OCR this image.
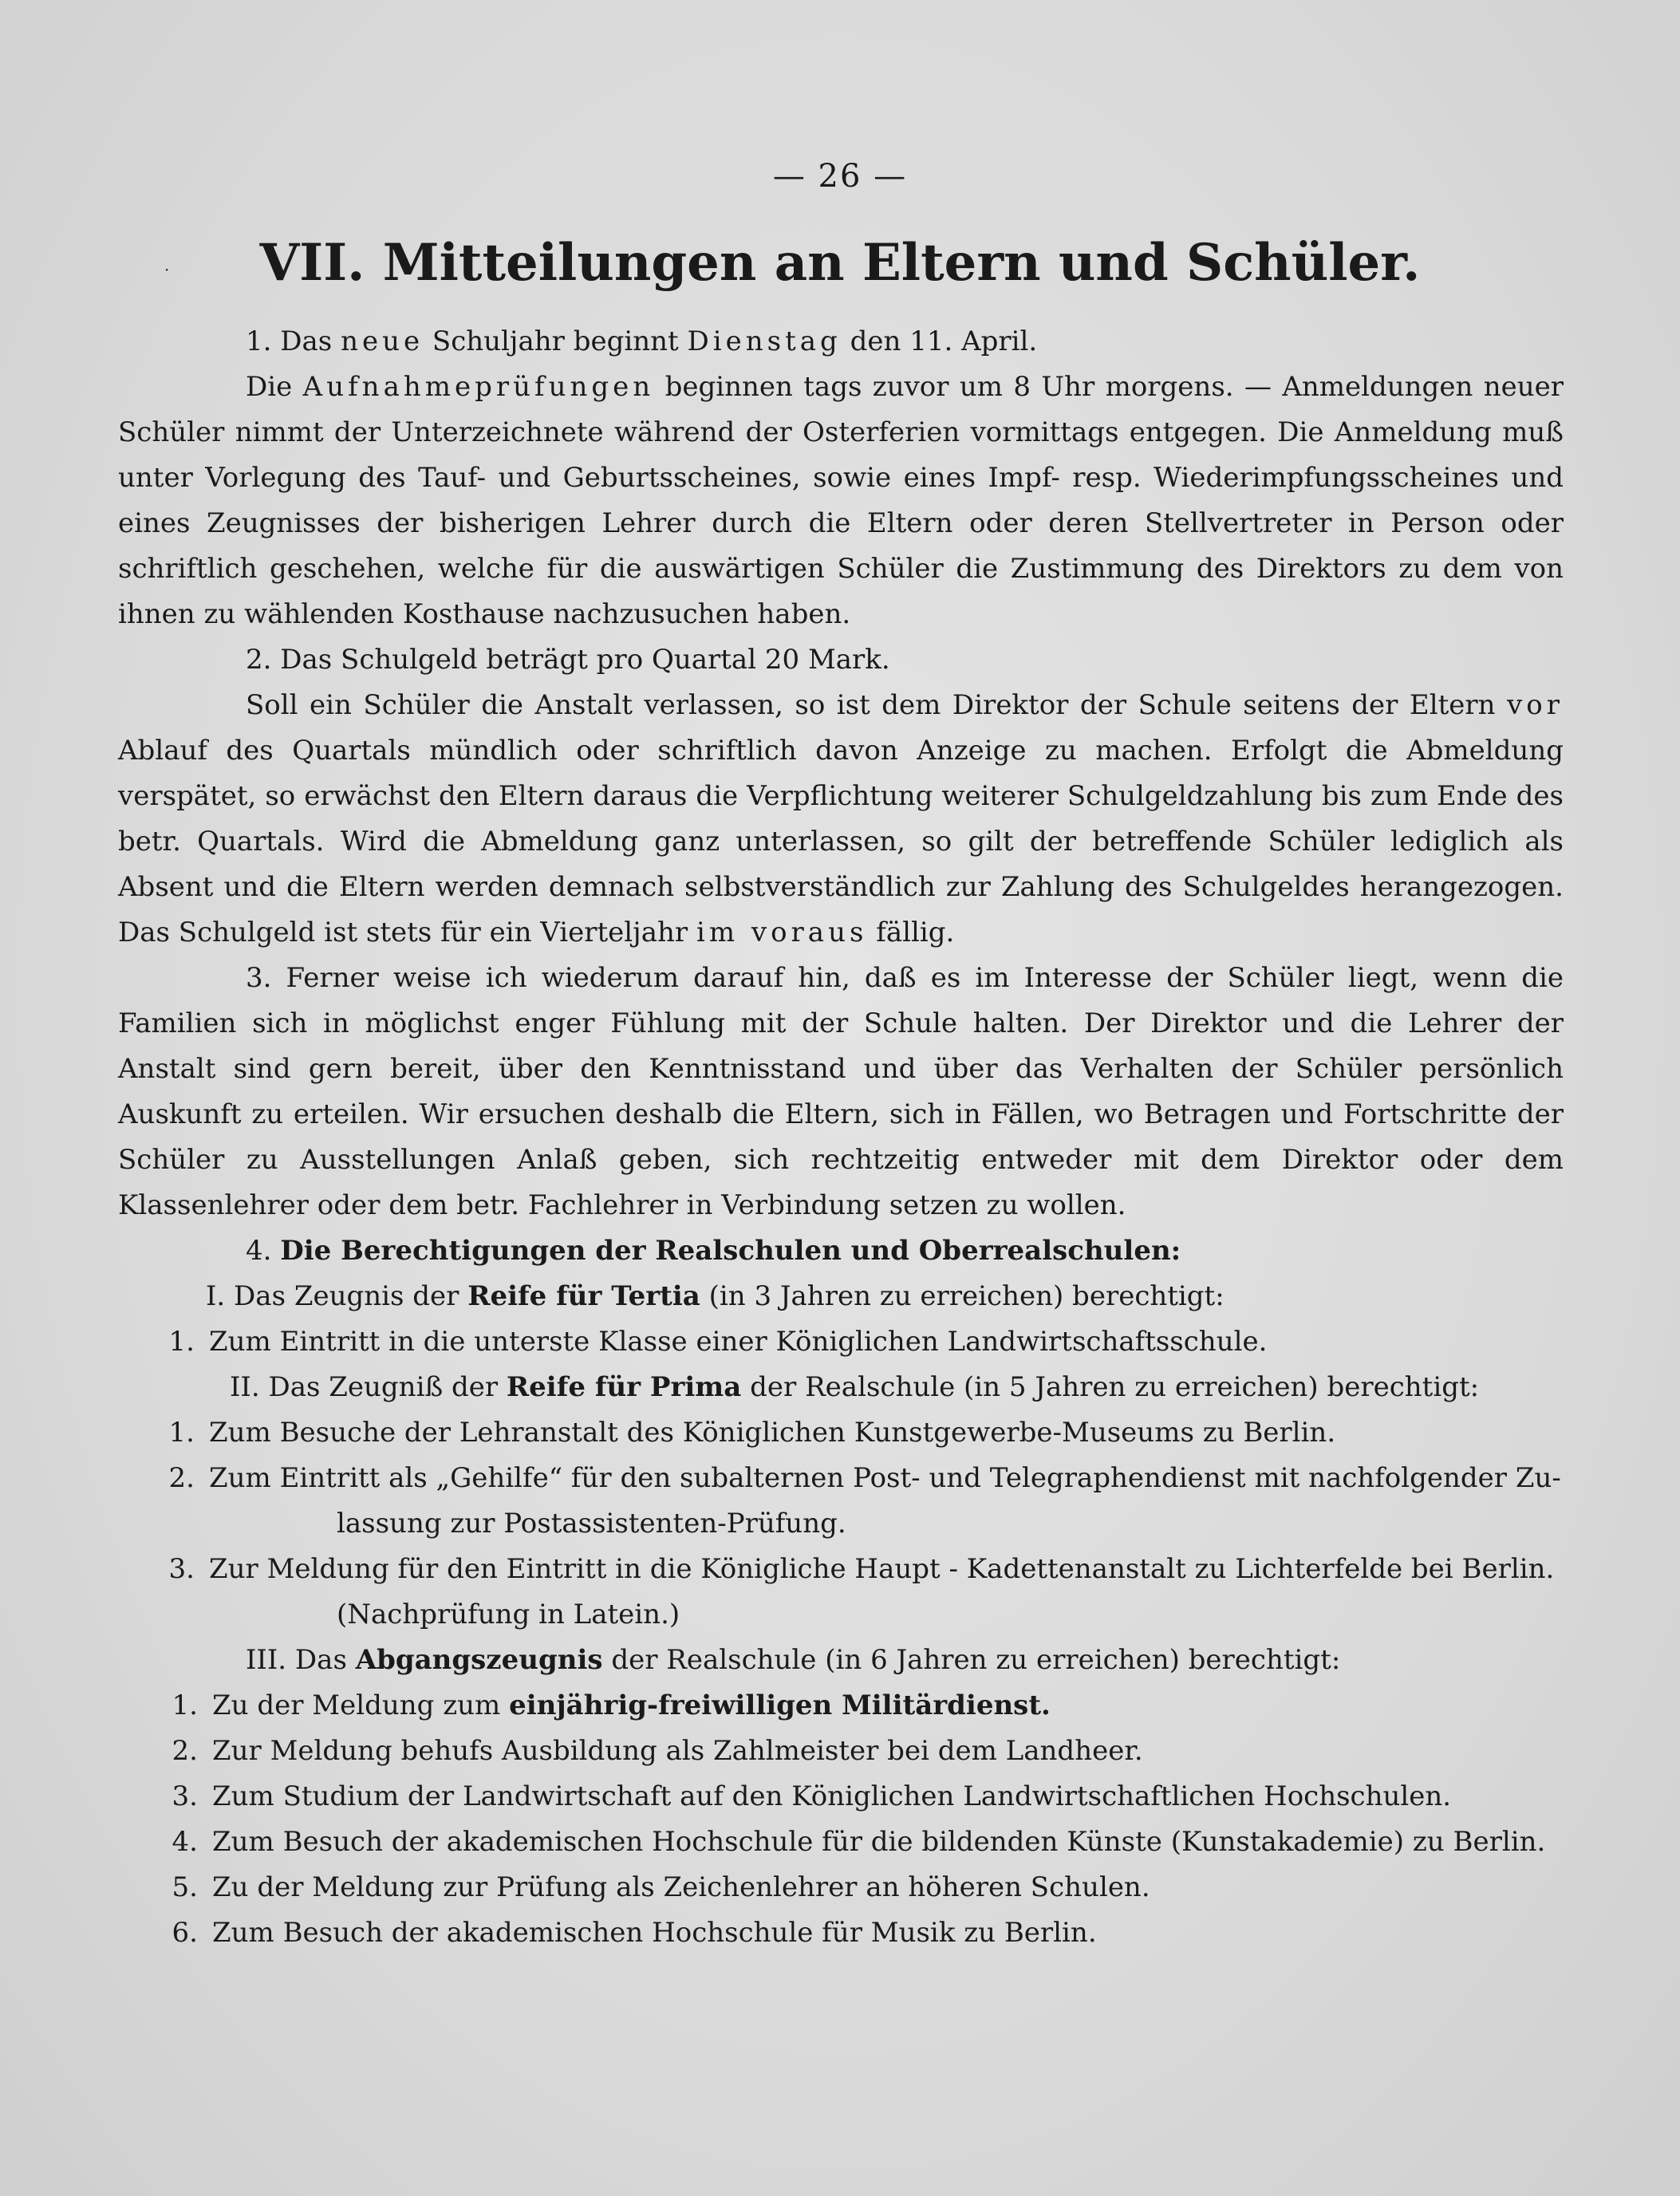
— 26 —
·	VII. Mitteilungen an Eltern und Schüler.

1. Das neue Schuljahr beginnt Dienstag den 11. April.

Die Aufnahmeprüfungen beginnen tags zuvor um 8 Uhr morgens. — Anmeldungen neuer Schüler nimmt der Unterzeichnete während der Osterferien vormittags entgegen. Die Anmeldung muß unter Vorlegung des Tauf- und Geburtsscheines, sowie eines Impf- resp. Wiederimpfungsscheines und eines Zeugnisses der bisherigen Lehrer durch die Eltern oder deren Stellvertreter in Person oder schriftlich geschehen, welche für die auswärtigen Schüler die Zustimmung des Direktors zu dem von ihnen zu wählenden Kosthause nachzusuchen haben.

2. Das Schulgeld beträgt pro Quartal 20 Mark.

Soll ein Schüler die Anstalt verlassen, so ist dem Direktor der Schule seitens der Eltern vor Ablauf des Quartals mündlich oder schriftlich davon Anzeige zu machen. Erfolgt die Abmeldung verspätet, so erwächst den Eltern daraus die Verpflichtung weiterer Schulgeldzahlung bis zum Ende des betr. Quartals. Wird die Abmeldung ganz unterlassen, so gilt der betreffende Schüler lediglich als Absent und die Eltern werden demnach selbstverständlich zur Zahlung des Schulgeldes herangezogen. Das Schulgeld ist stets für ein Vierteljahr im voraus fällig.

3. Ferner weise ich wiederum darauf hin, daß es im Interesse der Schüler liegt, wenn die Familien sich in möglichst enger Fühlung mit der Schule halten. Der Direktor und die Lehrer der Anstalt sind gern bereit, über den Kenntnisstand und über das Verhalten der Schüler persönlich Auskunft zu erteilen. Wir ersuchen deshalb die Eltern, sich in Fällen, wo Betragen und Fortschritte der Schüler zu Ausstellungen Anlaß geben, sich rechtzeitig entweder mit dem Direktor oder dem Klassenlehrer oder dem betr. Fachlehrer in Verbindung setzen zu wollen.

4. Die Berechtigungen der Realschulen und Oberrealschulen:

I. Das Zeugnis der Reife für Tertia (in 3 Jahren zu erreichen) berechtigt:

1. Zum Eintritt in die unterste Klasse einer Königlichen Landwirtschaftsschule.

II. Das Zeugniß der Reife für Prima der Realschule (in 5 Jahren zu erreichen) berechtigt:

1. Zum Besuche der Lehranstalt des Königlichen Kunstgewerbe-Museums zu Berlin.
2. Zum Eintritt als „Gehilfe“ für den subalternen Post- und Telegraphendienst mit nachfolgender Zu-
lassung zur Postassistenten-Prüfung.
3. Zur Meldung für den Eintritt in die Königliche Haupt - Kadettenanstalt zu Lichterfelde bei Berlin.
(Nachprüfung in Latein.)

III. Das Abgangszeugnis der Realschule (in 6 Jahren zu erreichen) berechtigt:

1. Zu der Meldung zum einjährig-freiwilligen Militärdienst.
2. Zur Meldung behufs Ausbildung als Zahlmeister bei dem Landheer.
3. Zum Studium der Landwirtschaft auf den Königlichen Landwirtschaftlichen Hochschulen.
4. Zum Besuch der akademischen Hochschule für die bildenden Künste (Kunstakademie) zu Berlin.
5. Zu der Meldung zur Prüfung als Zeichenlehrer an höheren Schulen.
6. Zum Besuch der akademischen Hochschule für Musik zu Berlin.
